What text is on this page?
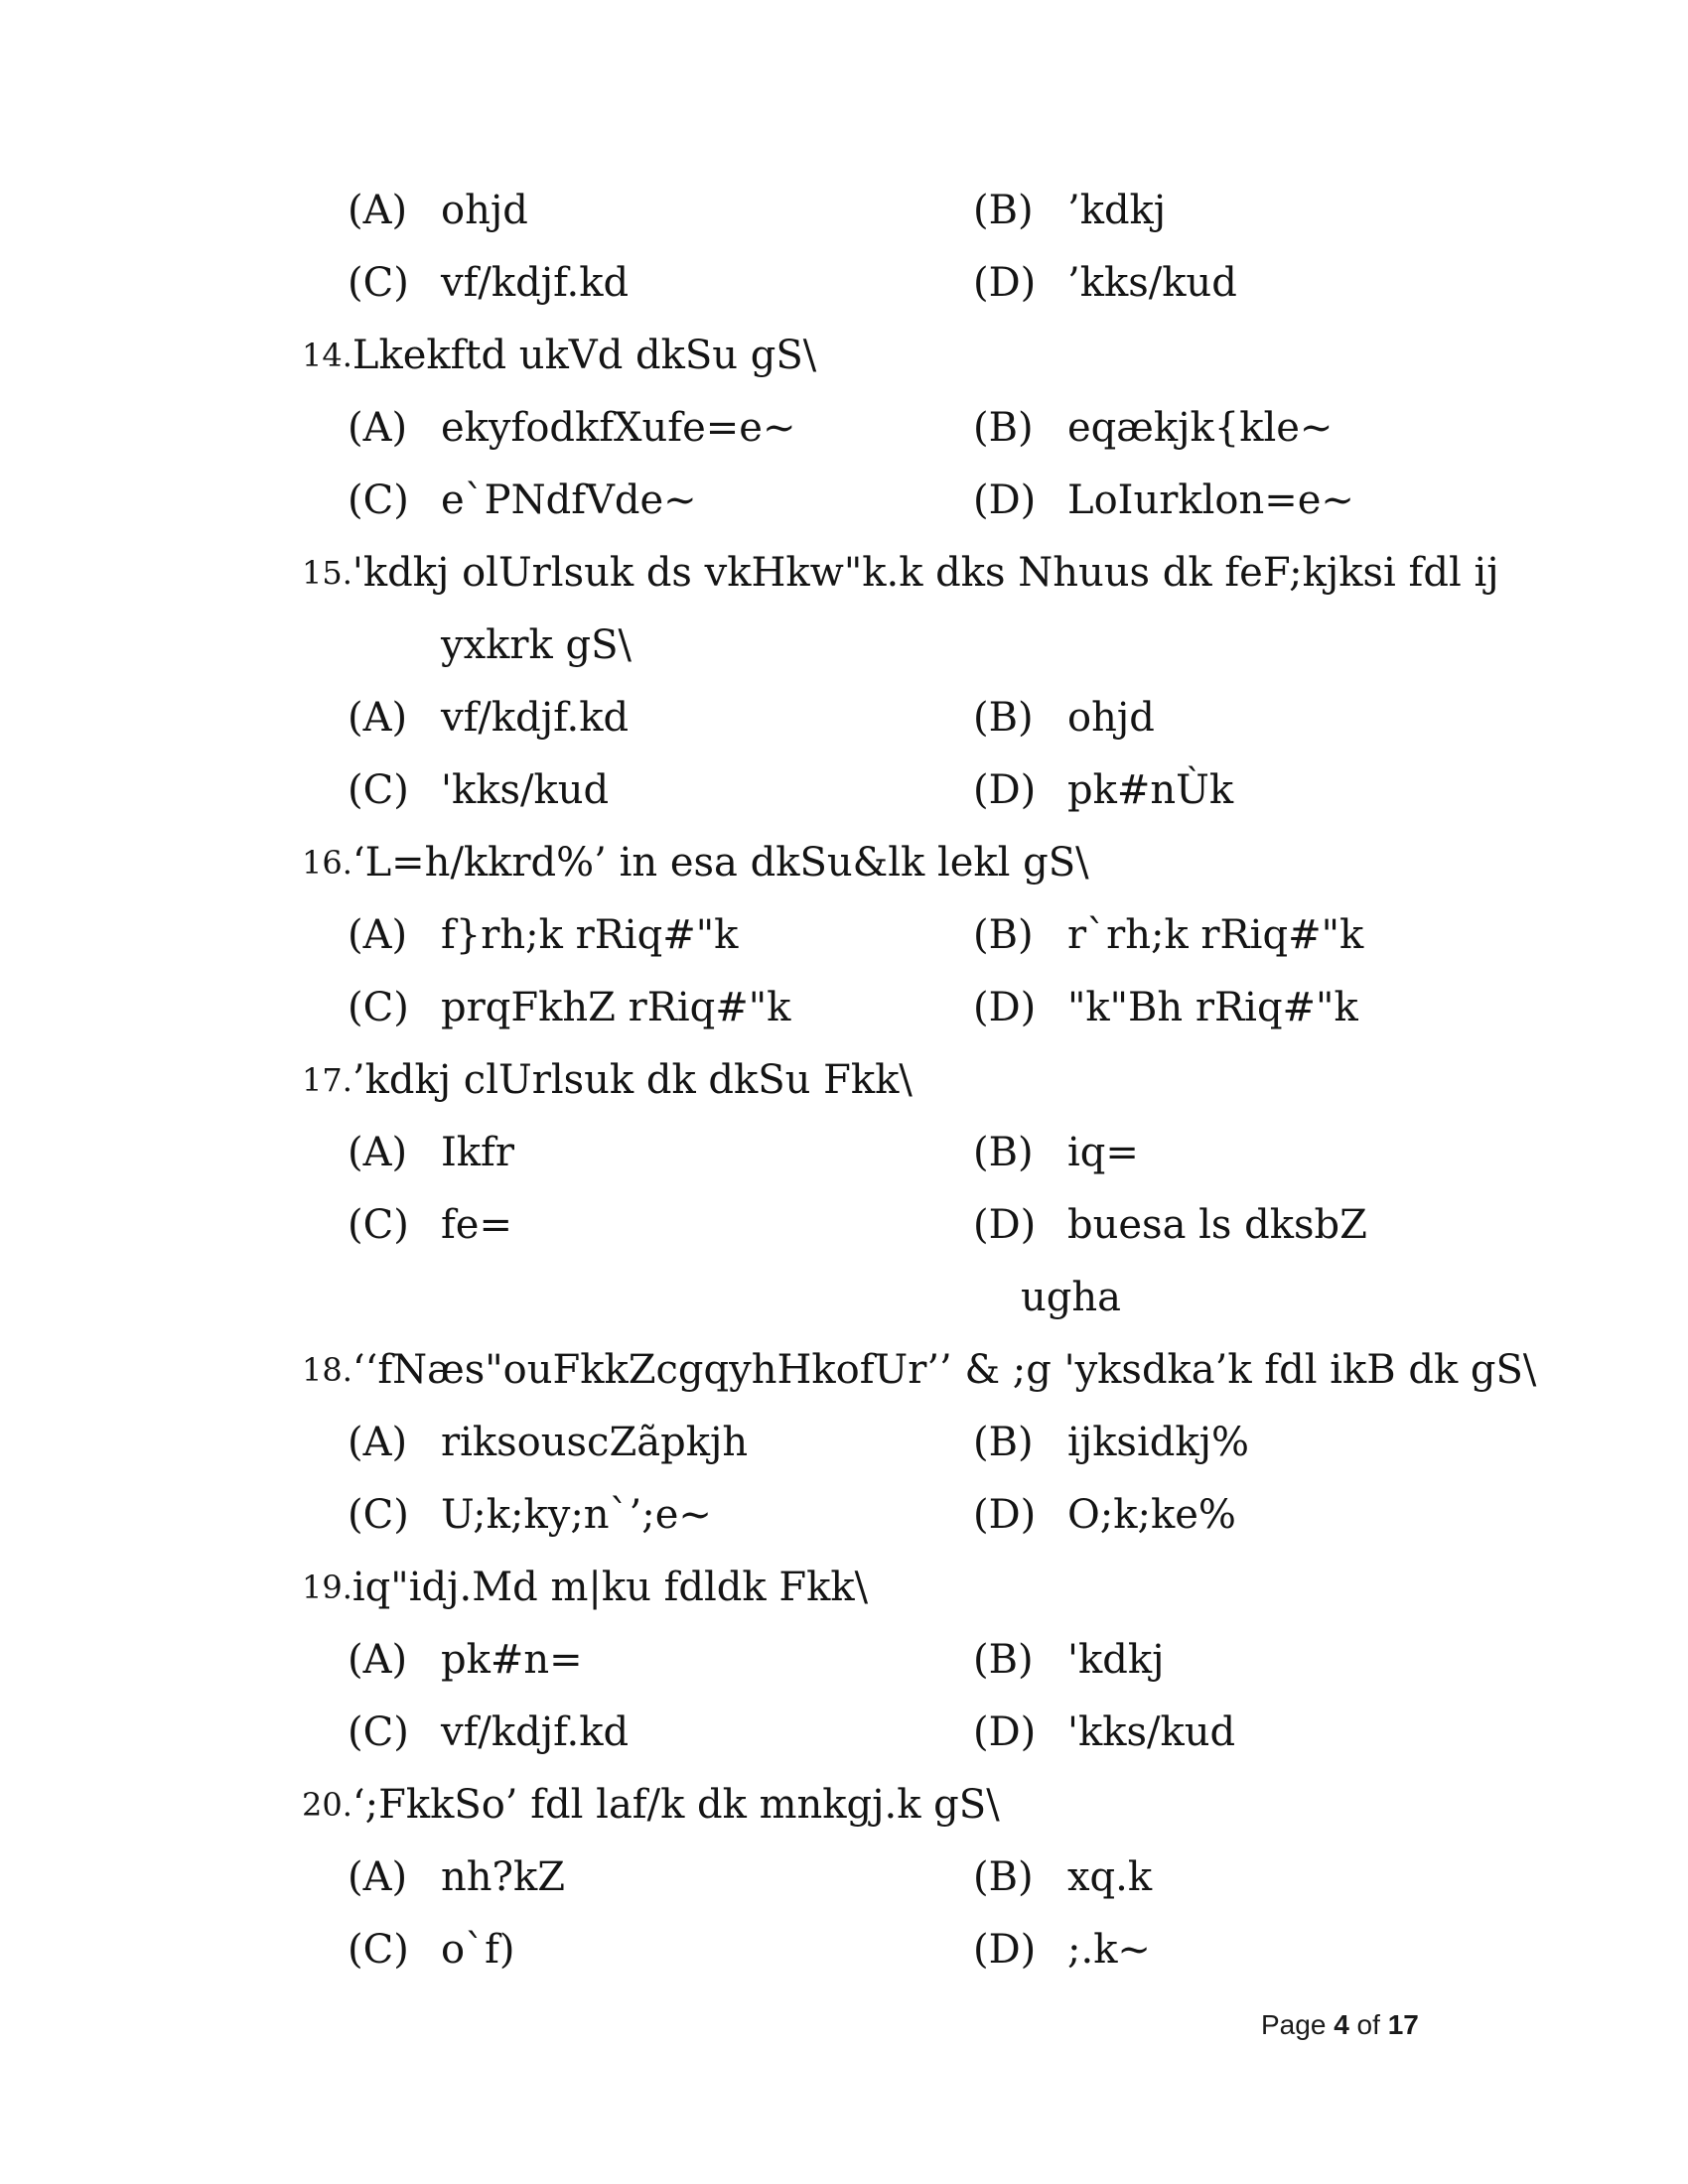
(A) ohjd	(B) ’kdkj
(C) vf/kdjf.kd	(D) ’kks/kud
14.Lkekftd ukVd dkSu gS\
(A) ekyfodkfXufe=e~	(B) eqækjk{kle~
(C) e`PNdfVde~	(D) LoIurklon=e~
15.'kdkj olUrlsuk ds vkHkw"k.k dks Nhuus dk feF;kjksi fdl ij
yxkrk gS\
(A) vf/kdjf.kd	(B) ohjd
(C) 'kks/kud	(D) pk#nÙk
16.‘L=h/kkrd%’ in esa dkSu&lk lekl gS\
(A) f}rh;k rRiq#"k	(B) r`rh;k rRiq#"k
(C) prqFkhZ rRiq#"k	(D) "k"Bh rRiq#"k
17.’kdkj clUrlsuk dk dkSu Fkk\
(A) Ikfr	(B) iq=
(C) fe=	(D) buesa ls dksbZ
ugha
18.‘‘fNæs"ouFkkZcgqyhHkofUr’’ & ;g 'yksdka’k fdl ikB dk gS\
(A) riksouscZãpkjh	(B) ijksidkj%
(C) U;k;ky;n`’;e~	(D) O;k;ke%
19.iq"idj.Md m|ku fdldk Fkk\
(A) pk#n=	(B) 'kdkj
(C) vf/kdjf.kd	(D) 'kks/kud
20.‘;FkkSo’ fdl laf/k dk mnkgj.k gS\
(A) nh?kZ	(B) xq.k
(C) o`f)	(D) ;.k~
Page 4 of 17
